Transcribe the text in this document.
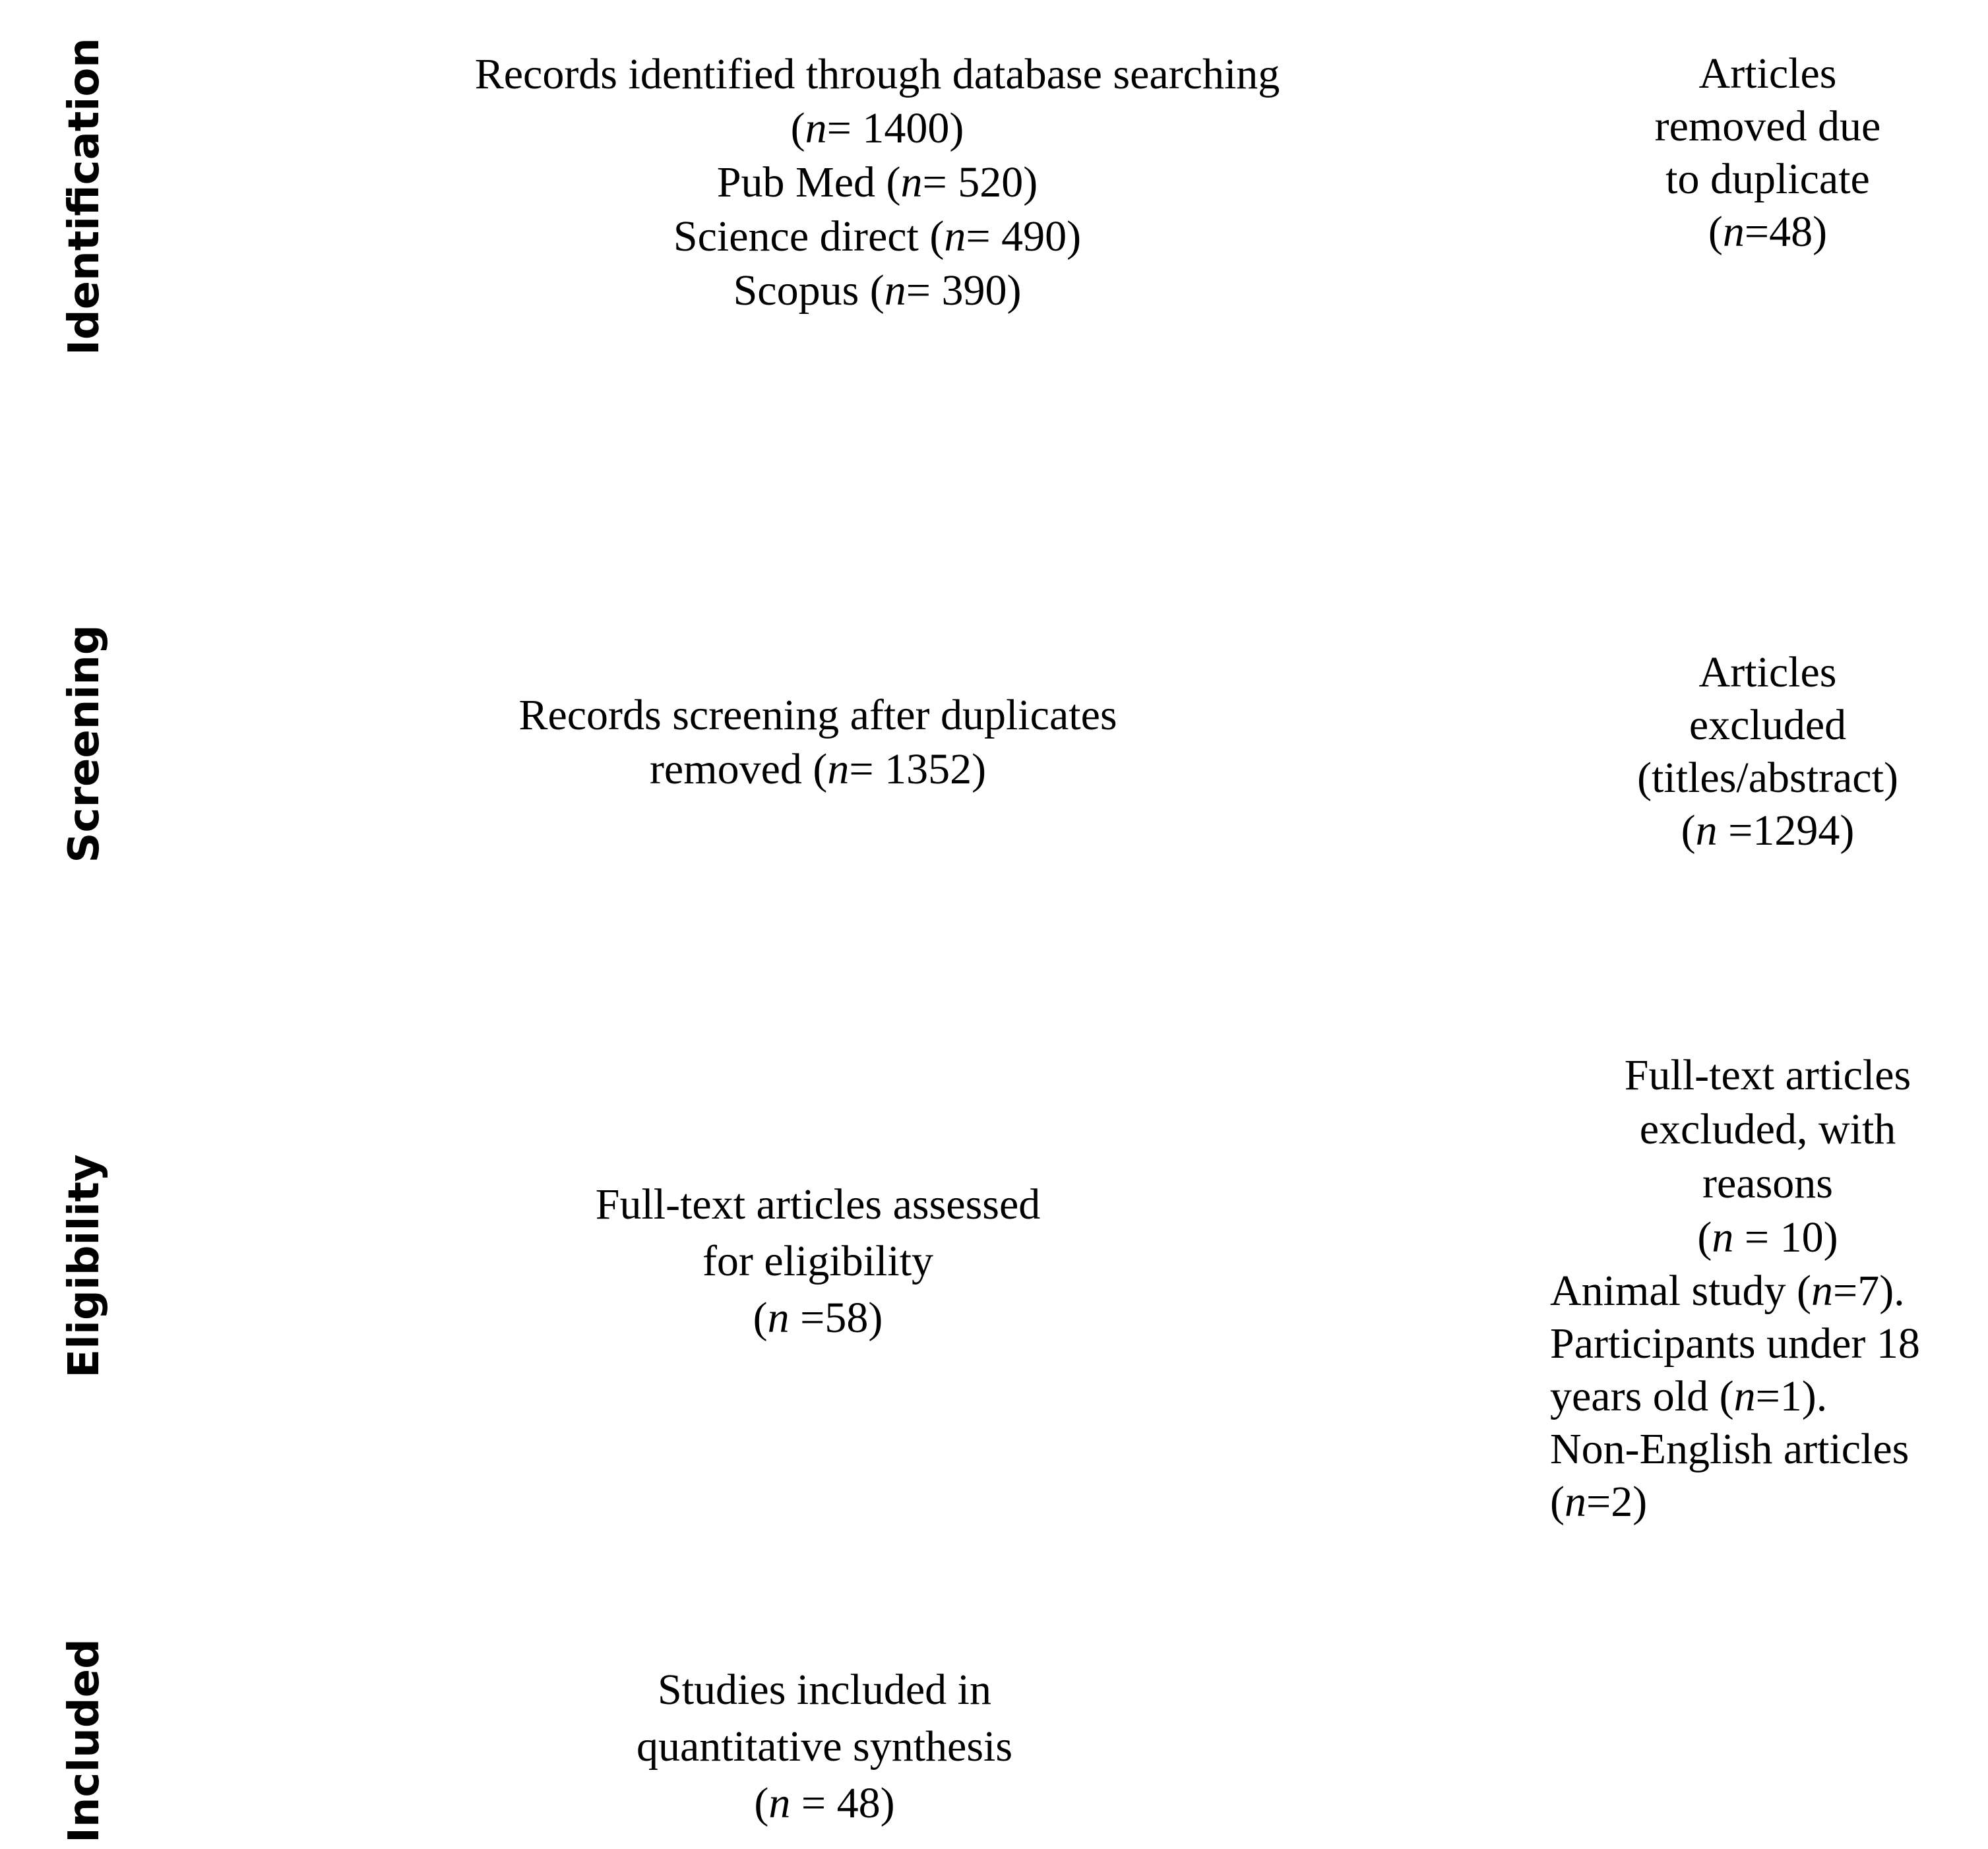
Identification
Screening
Eligibility
Included
Records identified through database searching
(n= 1400)
Pub Med (n= 520)
Science direct (n= 490)
Scopus (n= 390)
Articles
removed due
to duplicate
(n=48)
Records screening after duplicates
removed (n= 1352)
Articles
excluded
(titles/abstract)
(n =1294)
Full-text articles assessed
for eligibility
(n =58)
Full-text articles
excluded, with
reasons
(n = 10)
Animal study (n=7).
Participants under 18
years old (n=1).
Non-English articles
(n=2)
Studies included in
quantitative synthesis
(n = 48)
